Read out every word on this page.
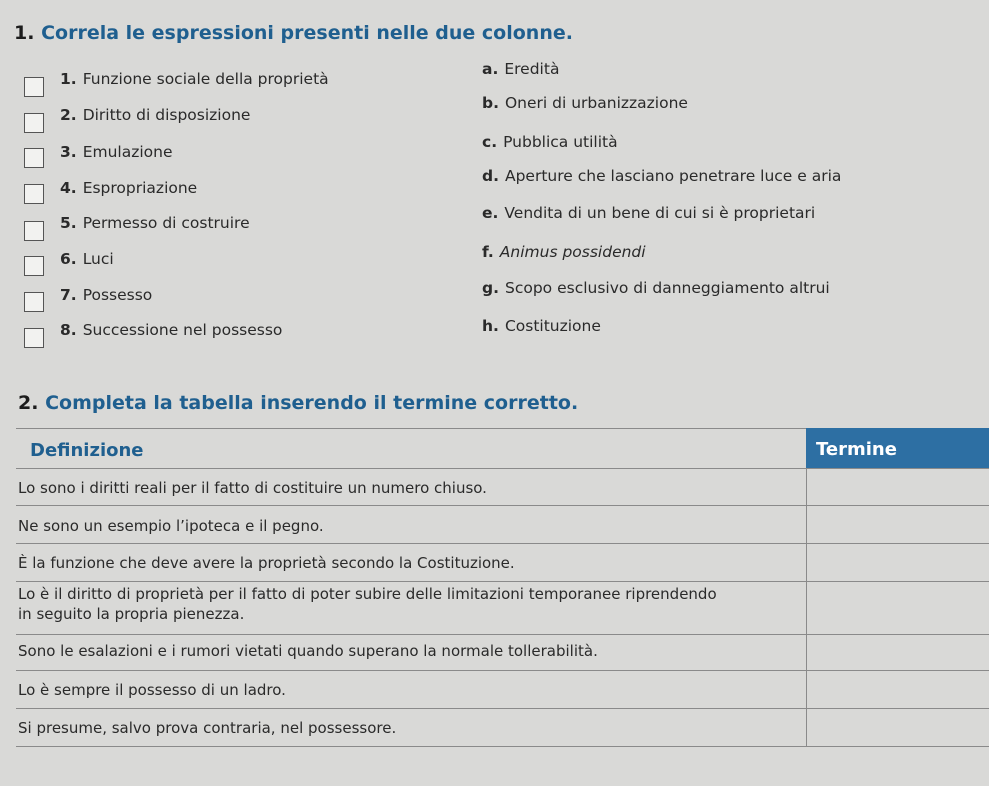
1. Correla le espressioni presenti nelle due colonne.
1. Funzione sociale della proprietà
2. Diritto di disposizione
3. Emulazione
4. Espropriazione
5. Permesso di costruire
6. Luci
7. Possesso
8. Successione nel possesso
a. Eredità
b. Oneri di urbanizzazione
c. Pubblica utilità
d. Aperture che lasciano penetrare luce e aria
e. Vendita di un bene di cui si è proprietari
f. Animus possidendi
g. Scopo esclusivo di danneggiamento altrui
h. Costituzione
2. Completa la tabella inserendo il termine corretto.
Definizione	Termine
Lo sono i diritti reali per il fatto di costituire un numero chiuso.
Ne sono un esempio l’ipoteca e il pegno.
È la funzione che deve avere la proprietà secondo la Costituzione.
Lo è il diritto di proprietà per il fatto di poter subire delle limitazioni temporanee riprendendo
in seguito la propria pienezza.
Sono le esalazioni e i rumori vietati quando superano la normale tollerabilità.
Lo è sempre il possesso di un ladro.
Si presume, salvo prova contraria, nel possessore.
